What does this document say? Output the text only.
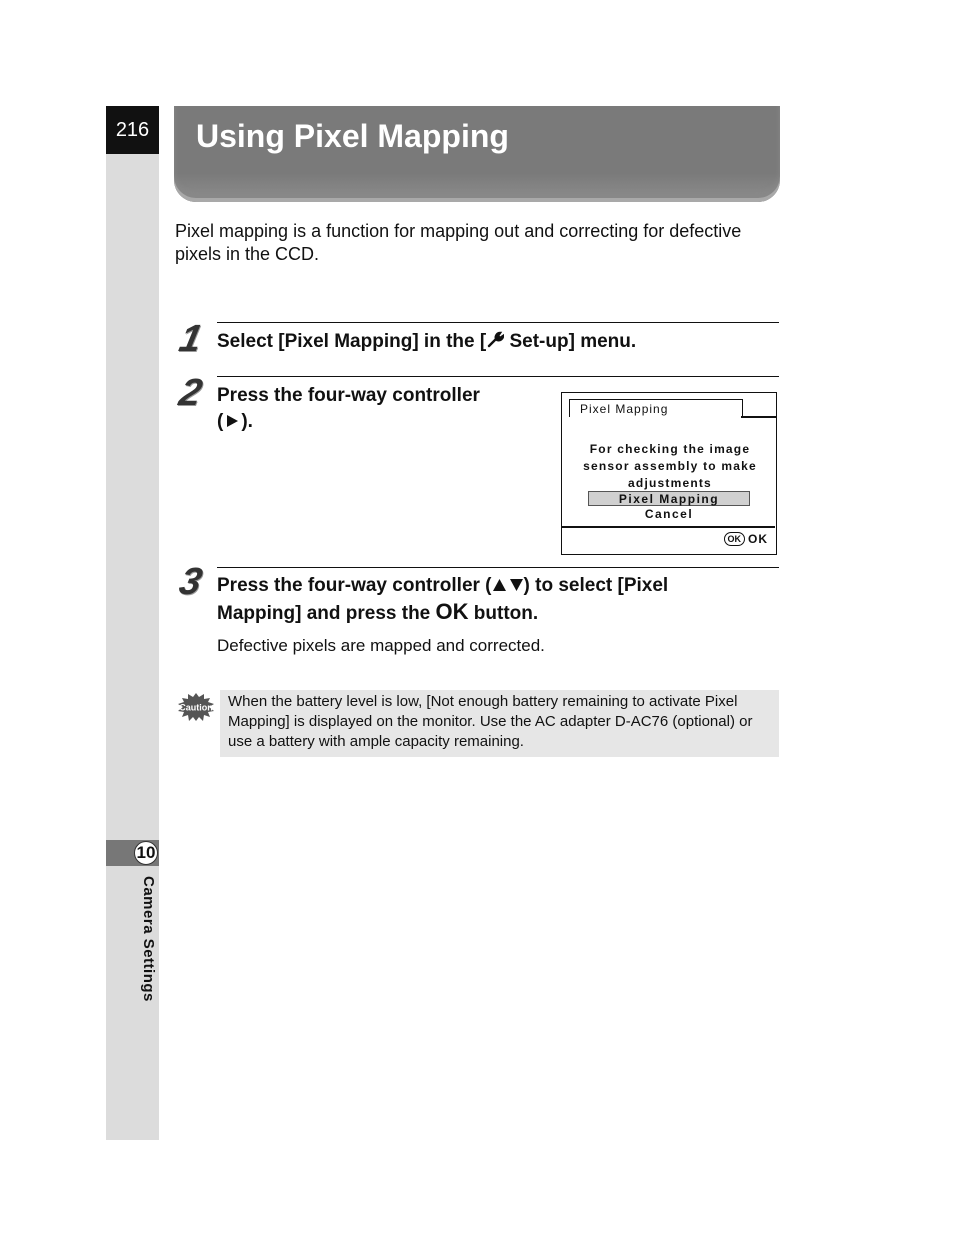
216
10
Camera Settings
Using Pixel Mapping
Pixel mapping is a function for mapping out and correcting for defective pixels in the CCD.
1 Select [Pixel Mapping] in the [ Set-up] menu.
2 Press the four-way controller
( ).
Pixel Mapping
For checking the image
sensor assembly to make
adjustments
Pixel Mapping
Cancel
OK OK
3 Press the four-way controller ( ) to select [Pixel
Mapping] and press the OK button.
Defective pixels are mapped and corrected.
Caution When the battery level is low, [Not enough battery remaining to activate Pixel Mapping] is displayed on the monitor. Use the AC adapter D-AC76 (optional) or use a battery with ample capacity remaining.
